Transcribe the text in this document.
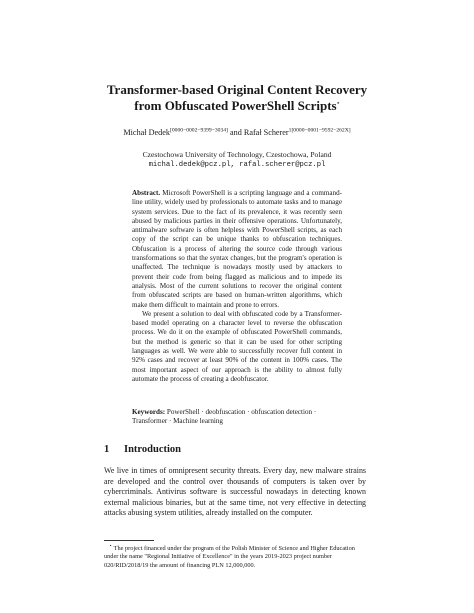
Transformer-based Original Content Recovery
from Obfuscated PowerShell Scripts⋆
Michał Dedek[0000−0002−9399−3034] and Rafał Scherer$^{1[0000-0001-9592-262X]}$
Czestochowa University of Technology, Czestochowa, Poland
michal.dedek@pcz.pl, rafal.scherer@pcz.pl

Abstract. Microsoft PowerShell is a scripting language and a command-line utility, widely used by professionals to automate tasks and to manage system services. Due to the fact of its prevalence, it was recently seen abused by malicious parties in their offensive operations. Unfortunately, antimalware software is often helpless with PowerShell scripts, as each copy of the script can be unique thanks to obfuscation techniques. Obfuscation is a process of altering the source code through various transformations so that the syntax changes, but the program's operation is unaffected. The technique is nowadays mostly used by attackers to prevent their code from being flagged as malicious and to impede its analysis. Most of the current solutions to recover the original content from obfuscated scripts are based on human-written algorithms, which make them difficult to maintain and prone to errors.

We present a solution to deal with obfuscated code by a Transformer-based model operating on a character level to reverse the obfuscation process. We do it on the example of obfuscated PowerShell commands, but the method is generic so that it can be used for other scripting languages as well. We were able to successfully recover full content in 92% cases and recover at least 90% of the content in 100% cases. The most important aspect of our approach is the ability to almost fully automate the process of creating a deobfuscator.

Keywords: PowerShell · deobfuscation · obfuscation detection · Transformer · Machine learning
1 Introduction

We live in times of omnipresent security threats. Every day, new malware strains are developed and the control over thousands of computers is taken over by cybercriminals. Antivirus software is successful nowadays in detecting known external malicious binaries, but at the same time, not very effective in detecting attacks abusing system utilities, already installed on the computer.

⋆ The project financed under the program of the Polish Minister of Science and Higher Education under the name "Regional Initiative of Excellence" in the years 2019-2023 project number 020/RID/2018/19 the amount of financing PLN 12,000,000.
